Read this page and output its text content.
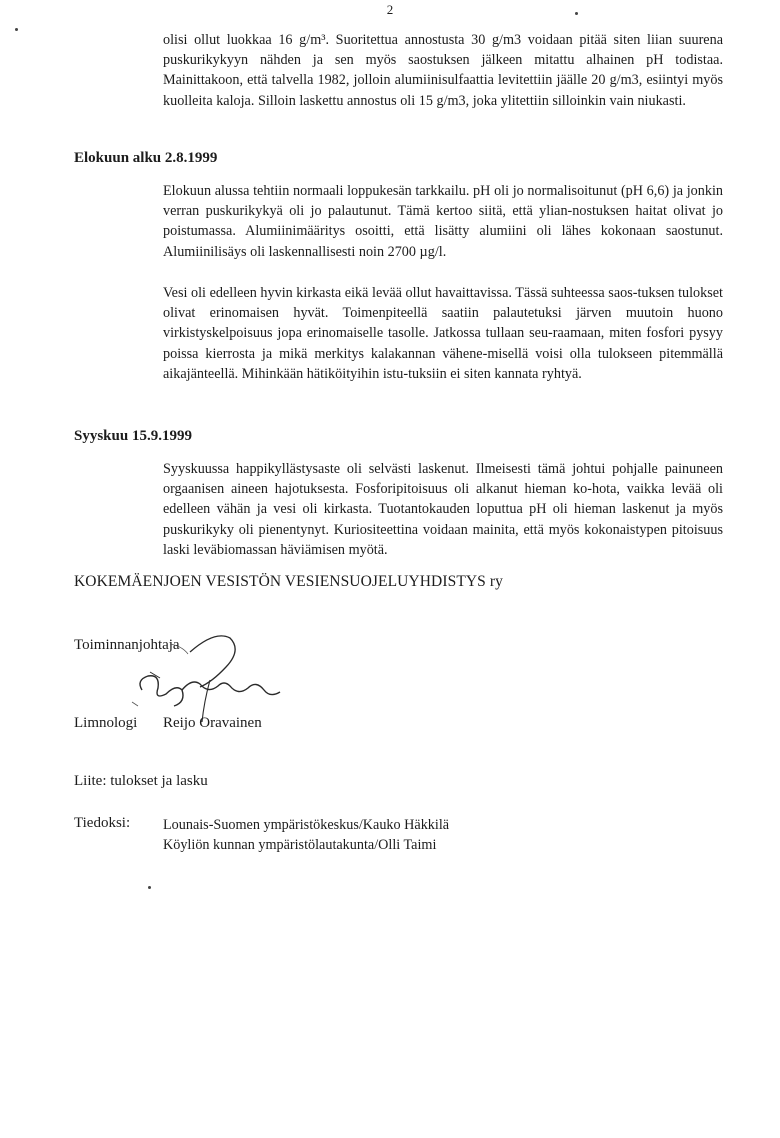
2

olisi ollut luokkaa 16 g/m³. Suoritettua annostusta 30 g/m3 voidaan pitää siten liian suurena puskurikykyyn nähden ja sen myös saostuksen jälkeen mitattu alhainen pH todistaa. Mainittakoon, että talvella 1982, jolloin alumiinisulfaattia levitettiin jäälle 20 g/m3, esiintyi myös kuolleita kaloja. Silloin laskettu annostus oli 15 g/m3, joka ylitettiin silloinkin vain niukasti.

Elokuun alku 2.8.1999

Elokuun alussa tehtiin normaali loppukesän tarkkailu. pH oli jo normalisoitunut (pH 6,6) ja jonkin verran puskurikykyä oli jo palautunut. Tämä kertoo siitä, että ylian-nostuksen haitat olivat jo poistumassa. Alumiinimääritys osoitti, että lisätty alumiini oli lähes kokonaan saostunut. Alumiinilisäys oli laskennallisesti noin 2700 µg/l.

Vesi oli edelleen hyvin kirkasta eikä levää ollut havaittavissa. Tässä suhteessa saos-tuksen tulokset olivat erinomaisen hyvät. Toimenpiteellä saatiin palautetuksi järven muutoin huono virkistyskelpoisuus jopa erinomaiselle tasolle. Jatkossa tullaan seu-raamaan, miten fosfori pysyy poissa kierrosta ja mikä merkitys kalakannan vähene-misellä voisi olla tulokseen pitemmällä aikajänteellä. Mihinkään hätiköityihin istu-tuksiin ei siten kannata ryhtyä.

Syyskuu 15.9.1999

Syyskuussa happikyllästysaste oli selvästi laskenut. Ilmeisesti tämä johtui pohjalle painuneen orgaanisen aineen hajotuksesta. Fosforipitoisuus oli alkanut hieman ko-hota, vaikka levää oli edelleen vähän ja vesi oli kirkasta. Tuotantokauden loputtua pH oli hieman laskenut ja myös puskurikyky oli pienentynyt. Kuriositeettina voidaan mainita, että myös kokonaistypen pitoisuus laski leväbiomassan häviämisen myötä.

KOKEMÄENJOEN VESISTÖN VESIENSUOJELUYHDISTYS ry

Toiminnanjohtaja

Limnologi Reijo Oravainen

Liite: tulokset ja lasku

Tiedoksi: Lounais-Suomen ympäristökeskus/Kauko Häkkilä
Köyliön kunnan ympäristölautakunta/Olli Taimi
